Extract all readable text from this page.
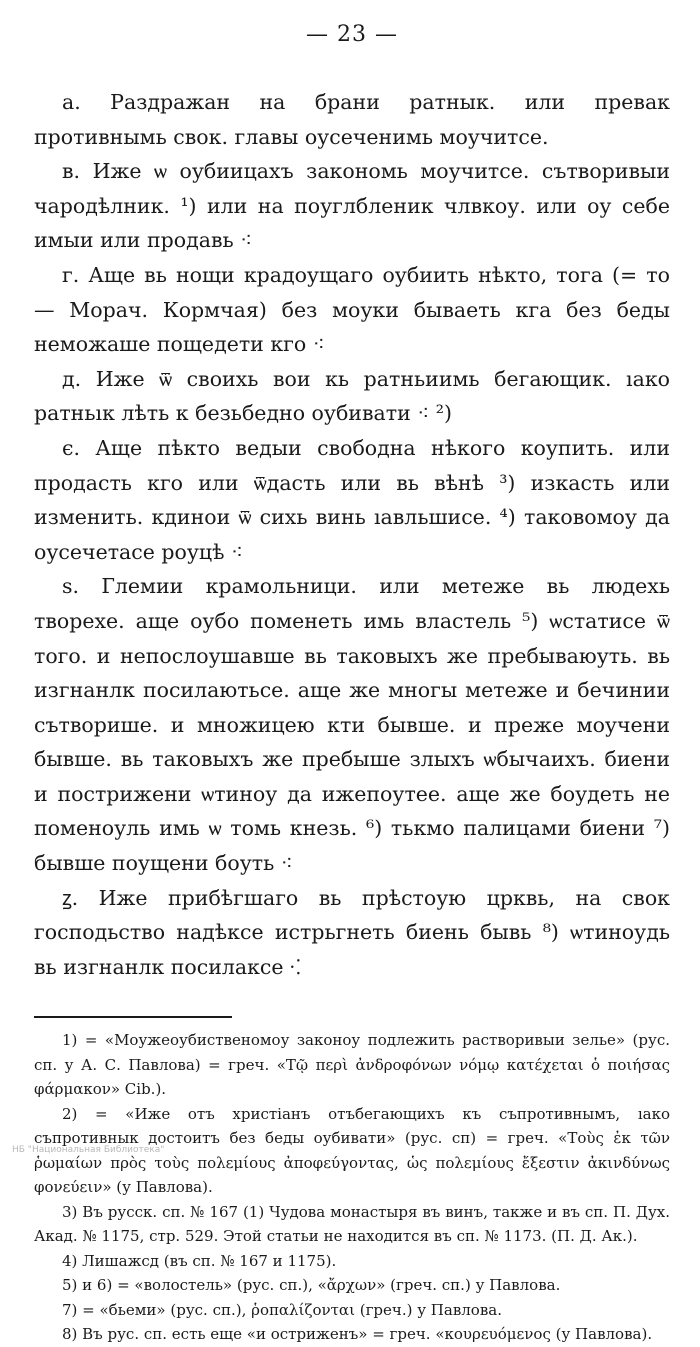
— 23 —

а. Раздражан на брани ратнык. или превак противнымь свок. главы оусеченимь моучитсе.

в. Иже ѡ оубиицахъ закономь моучитсе. сътворивыи чародѣлник. ¹) или на поуглбленик члвкоу. или оу себе имыи или продавь ⁖

г. Аще вь нощи крадоущаго оубиить нѣкто, тога (= то — Морач. Кормчая) без моуки бываеть кга без беды неможаше пощедети кго ⁖

д. Иже ѿ своихь вои кь ратньиимь бегающик. ıако ратньıк лѣть к безьбедно оубивати ⁖ ²)

є. Аще пѣкто ведыи свободна нѣкого коупить. или продасть кго или ѿдасть или вь вѣнѣ ³) изкасть или изменить. кдинои ѿ сихь винь ıавльшисе. ⁴) таковомоу да оусечетасе роуцѣ ⁖

ѕ. Глемии крамольници. или метеже вь людехь творехе. аще оубо поменеть имь властель ⁵) ѡстатисе ѿ того. и непослоушавше вь таковыхъ же пребываюуть. вь изгнанлк посилаютьсе. аще же многы метеже и бечинии сътворише. и множицею кти бывше. и преже моучени бывше. вь таковыхъ же пребыше злыхъ ѡбычаихъ. биени и пострижени ѡтиноу да ижепоутее. аще же боудеть не поменоуль имь ѡ томь кнезь. ⁶) тькмо палицами биени ⁷) бывше поущени боуть ⁖

ꙁ. Иже прибѣгшаго вь прѣстоую црквь, на свок господьство надѣксе истрьгнеть биень бывь ⁸) ѡтиноудь вь изгнанлк посилаксе ⁖

1) = «Моужеоубиственомоу законоу подлежить растворивыи зелье» (рус. сп. у А. С. Павлова) = греч. «Τῷ περὶ ἀνδροφόνων νόμῳ κατέχεται ὁ ποιήσας φάρμακον» Cib.).

2) = «Иже отъ христiанъ отъбегающихъ къ съпротивнымъ, ıако съпротивнык достоитъ без беды оубивати» (рус. сп) = греч. «Τοὺς ἐκ τῶν ῥωμαίων πρὸς τοὺς πολεμίους ἀποφεύγοντας, ὡς πολεμίους ἔξεστιν ἀκινδύνως φονεύειν» (у Павлова).

3) Въ русск. сп. № 167 (1) Чудова монастыря въ винъ, также и въ сп. П. Дух. Акад. № 1175, стр. 529. Этой статьи не находится въ сп. № 1173. (П. Д. Ак.).

4) Лишажсд (въ сп. № 167 и 1175).

5) и 6) = «волостель» (рус. сп.), «ἄρχων» (греч. сп.) у Павлова.

7) = «бьеми» (рус. сп.), ῥοπαλίζονται (греч.) у Павлова.

8) Въ рус. сп. есть еще «и остриженъ» = греч. «κουρευόμενος (у Павлова).

НБ "Национальная Библиотека"
